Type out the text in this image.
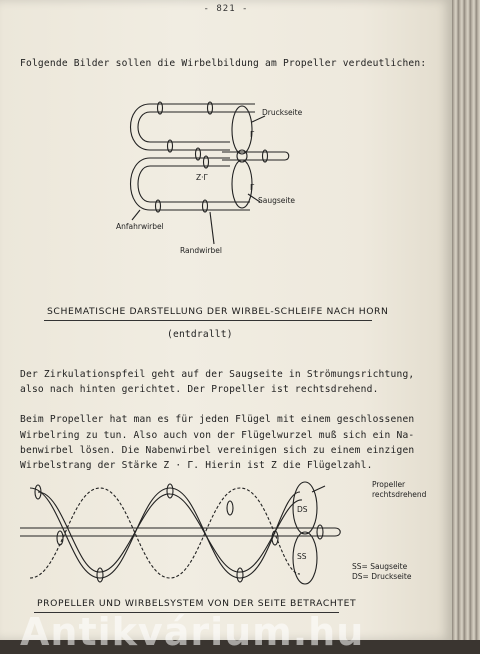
- 821 -
Folgende Bilder sollen die Wirbelbildung am Propeller verdeutlichen:
Druckseite
Γ
Γ
Z·Γ
Saugseite
Anfahrwirbel
Randwirbel
SCHEMATISCHE DARSTELLUNG DER WIRBEL-SCHLEIFE NACH HORN
(entdrallt)
Der Zirkulationspfeil geht auf der Saugseite in Strömungsrichtung,
also nach hinten gerichtet. Der Propeller ist rechtsdrehend.
Beim Propeller hat man es für jeden Flügel mit einem geschlossenen
Wirbelring zu tun. Also auch von der Flügelwurzel muß sich ein Na-
benwirbel lösen. Die Nabenwirbel vereinigen sich zu einem einzigen
Wirbelstrang der Stärke Z · Γ. Hierin ist Z die Flügelzahl.
Propeller
rechtsdrehend
DS
SS
SS= Saugseite
DS= Druckseite
PROPELLER UND WIRBELSYSTEM VON DER SEITE BETRACHTET
Antikvárium.hu
